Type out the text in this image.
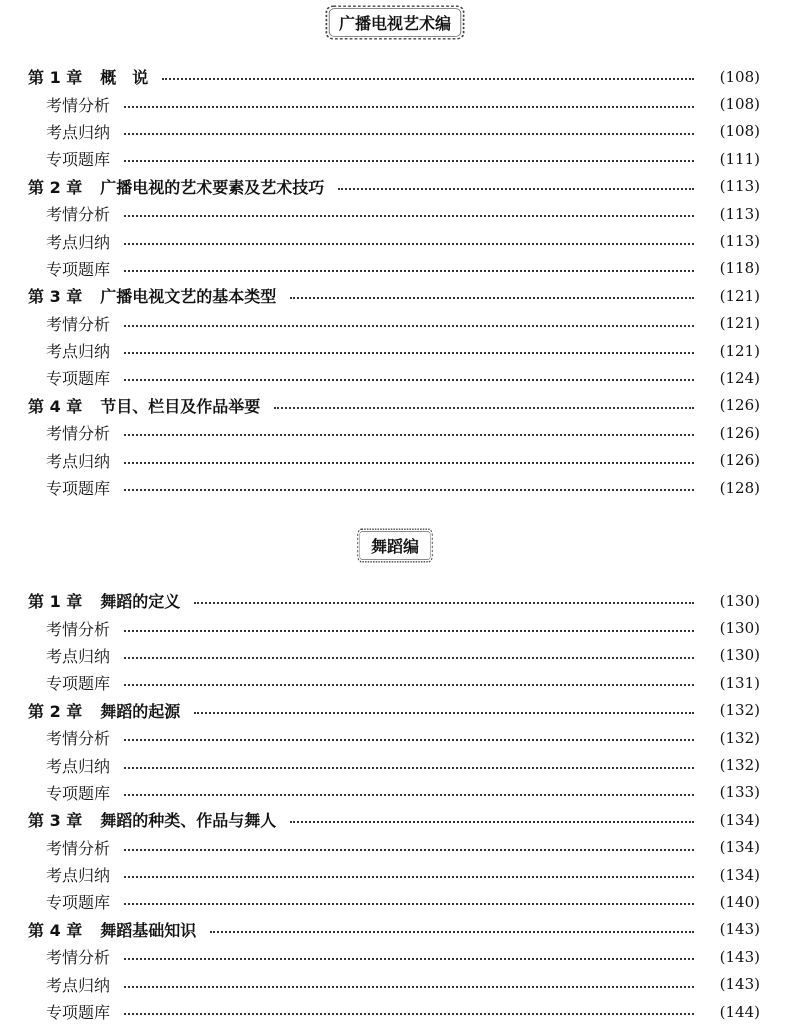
广播电视艺术编
第 1 章 概　说	(108)
考情分析	(108)
考点归纳	(108)
专项题库	(111)
第 2 章 广播电视的艺术要素及艺术技巧	(113)
考情分析	(113)
考点归纳	(113)
专项题库	(118)
第 3 章 广播电视文艺的基本类型	(121)
考情分析	(121)
考点归纳	(121)
专项题库	(124)
第 4 章 节目、栏目及作品举要	(126)
考情分析	(126)
考点归纳	(126)
专项题库	(128)
舞蹈编
第 1 章 舞蹈的定义	(130)
考情分析	(130)
考点归纳	(130)
专项题库	(131)
第 2 章 舞蹈的起源	(132)
考情分析	(132)
考点归纳	(132)
专项题库	(133)
第 3 章 舞蹈的种类、作品与舞人	(134)
考情分析	(134)
考点归纳	(134)
专项题库	(140)
第 4 章 舞蹈基础知识	(143)
考情分析	(143)
考点归纳	(143)
专项题库	(144)
